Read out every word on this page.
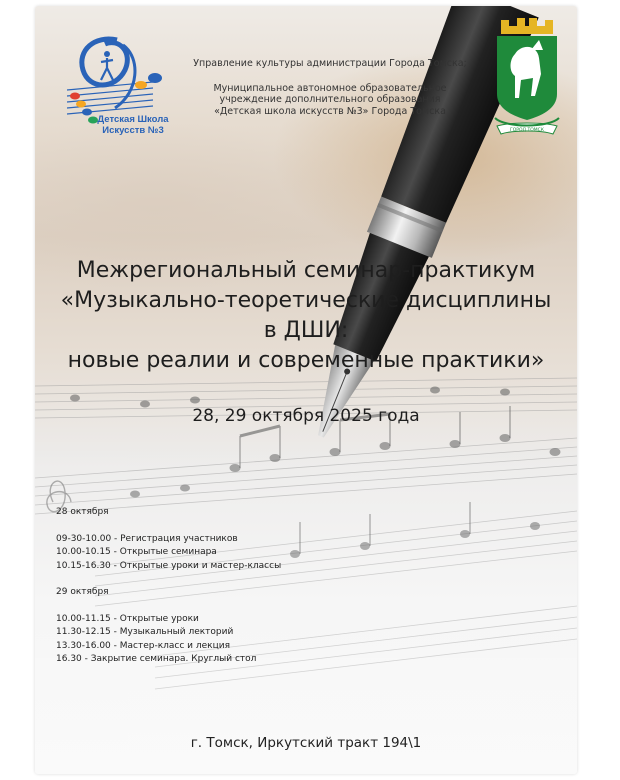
Детская Школа
Искусств №3
Управление культуры администрации Города Томска;
Муниципальное автономное образовательное
учреждение дополнительного образования
«Детская школа искусств №3» Города Томска
ГОРОД ТОМСК
Межрегиональный семинар-практикум
«Музыкально-теоретические дисциплины
в ДШИ:
новые реалии и современные практики»
28, 29 октября 2025 года
28 октября
09-30-10.00 - Регистрация участников
10.00-10.15 - Открытые семинара
10.15-16.30 - Открытые уроки и мастер-классы
29 октября
10.00-11.15 - Открытые уроки
11.30-12.15 - Музыкальный лекторий
13.30-16.00 - Мастер-класс и лекция
16.30 - Закрытие семинара. Круглый стол
г. Томск, Иркутский тракт 194\1
